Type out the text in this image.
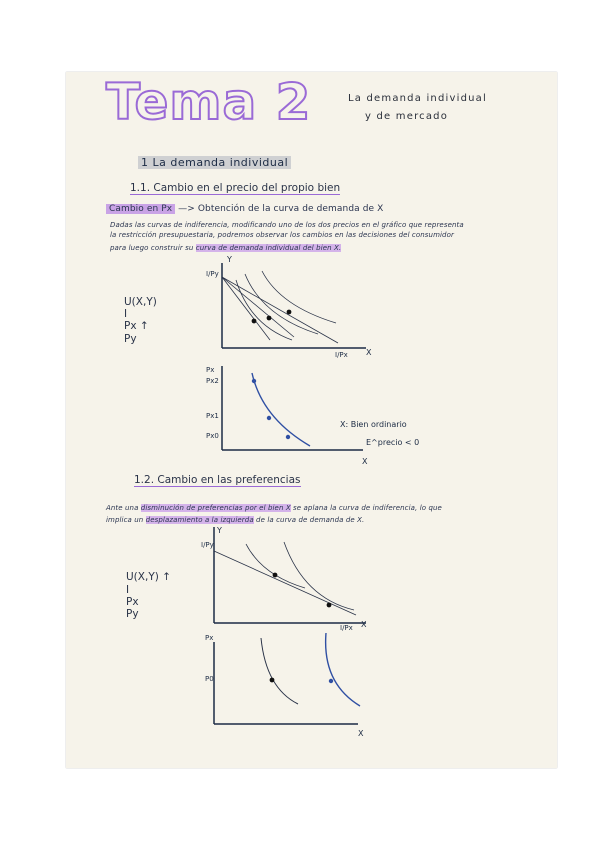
Tema 2	La demanda individual
y de mercado
1 La demanda individual
1.1. Cambio en el precio del propio bien
Cambio en Px —> Obtención de la curva de demanda de X
Dadas las curvas de indiferencia, modificando uno de los dos precios en el gráfico que representa
la restricción presupuestaria, podremos observar los cambios en las decisiones del consumidor
para luego construir su curva de demanda individual del bien X.
U(X,Y)
I
Px ↑
Py
Y
I/Py
I/Px X
Px
Px2
Px1
Px0
X
X: Bien ordinario
E^precio < 0
1.2. Cambio en las preferencias
Ante una disminución de preferencias por el bien X se aplana la curva de indiferencia, lo que
implica un desplazamiento a la izquierda de la curva de demanda de X.
U(X,Y) ↑
I
Px
Py
Y
I/Py
I/Px X
Px
P0
X
